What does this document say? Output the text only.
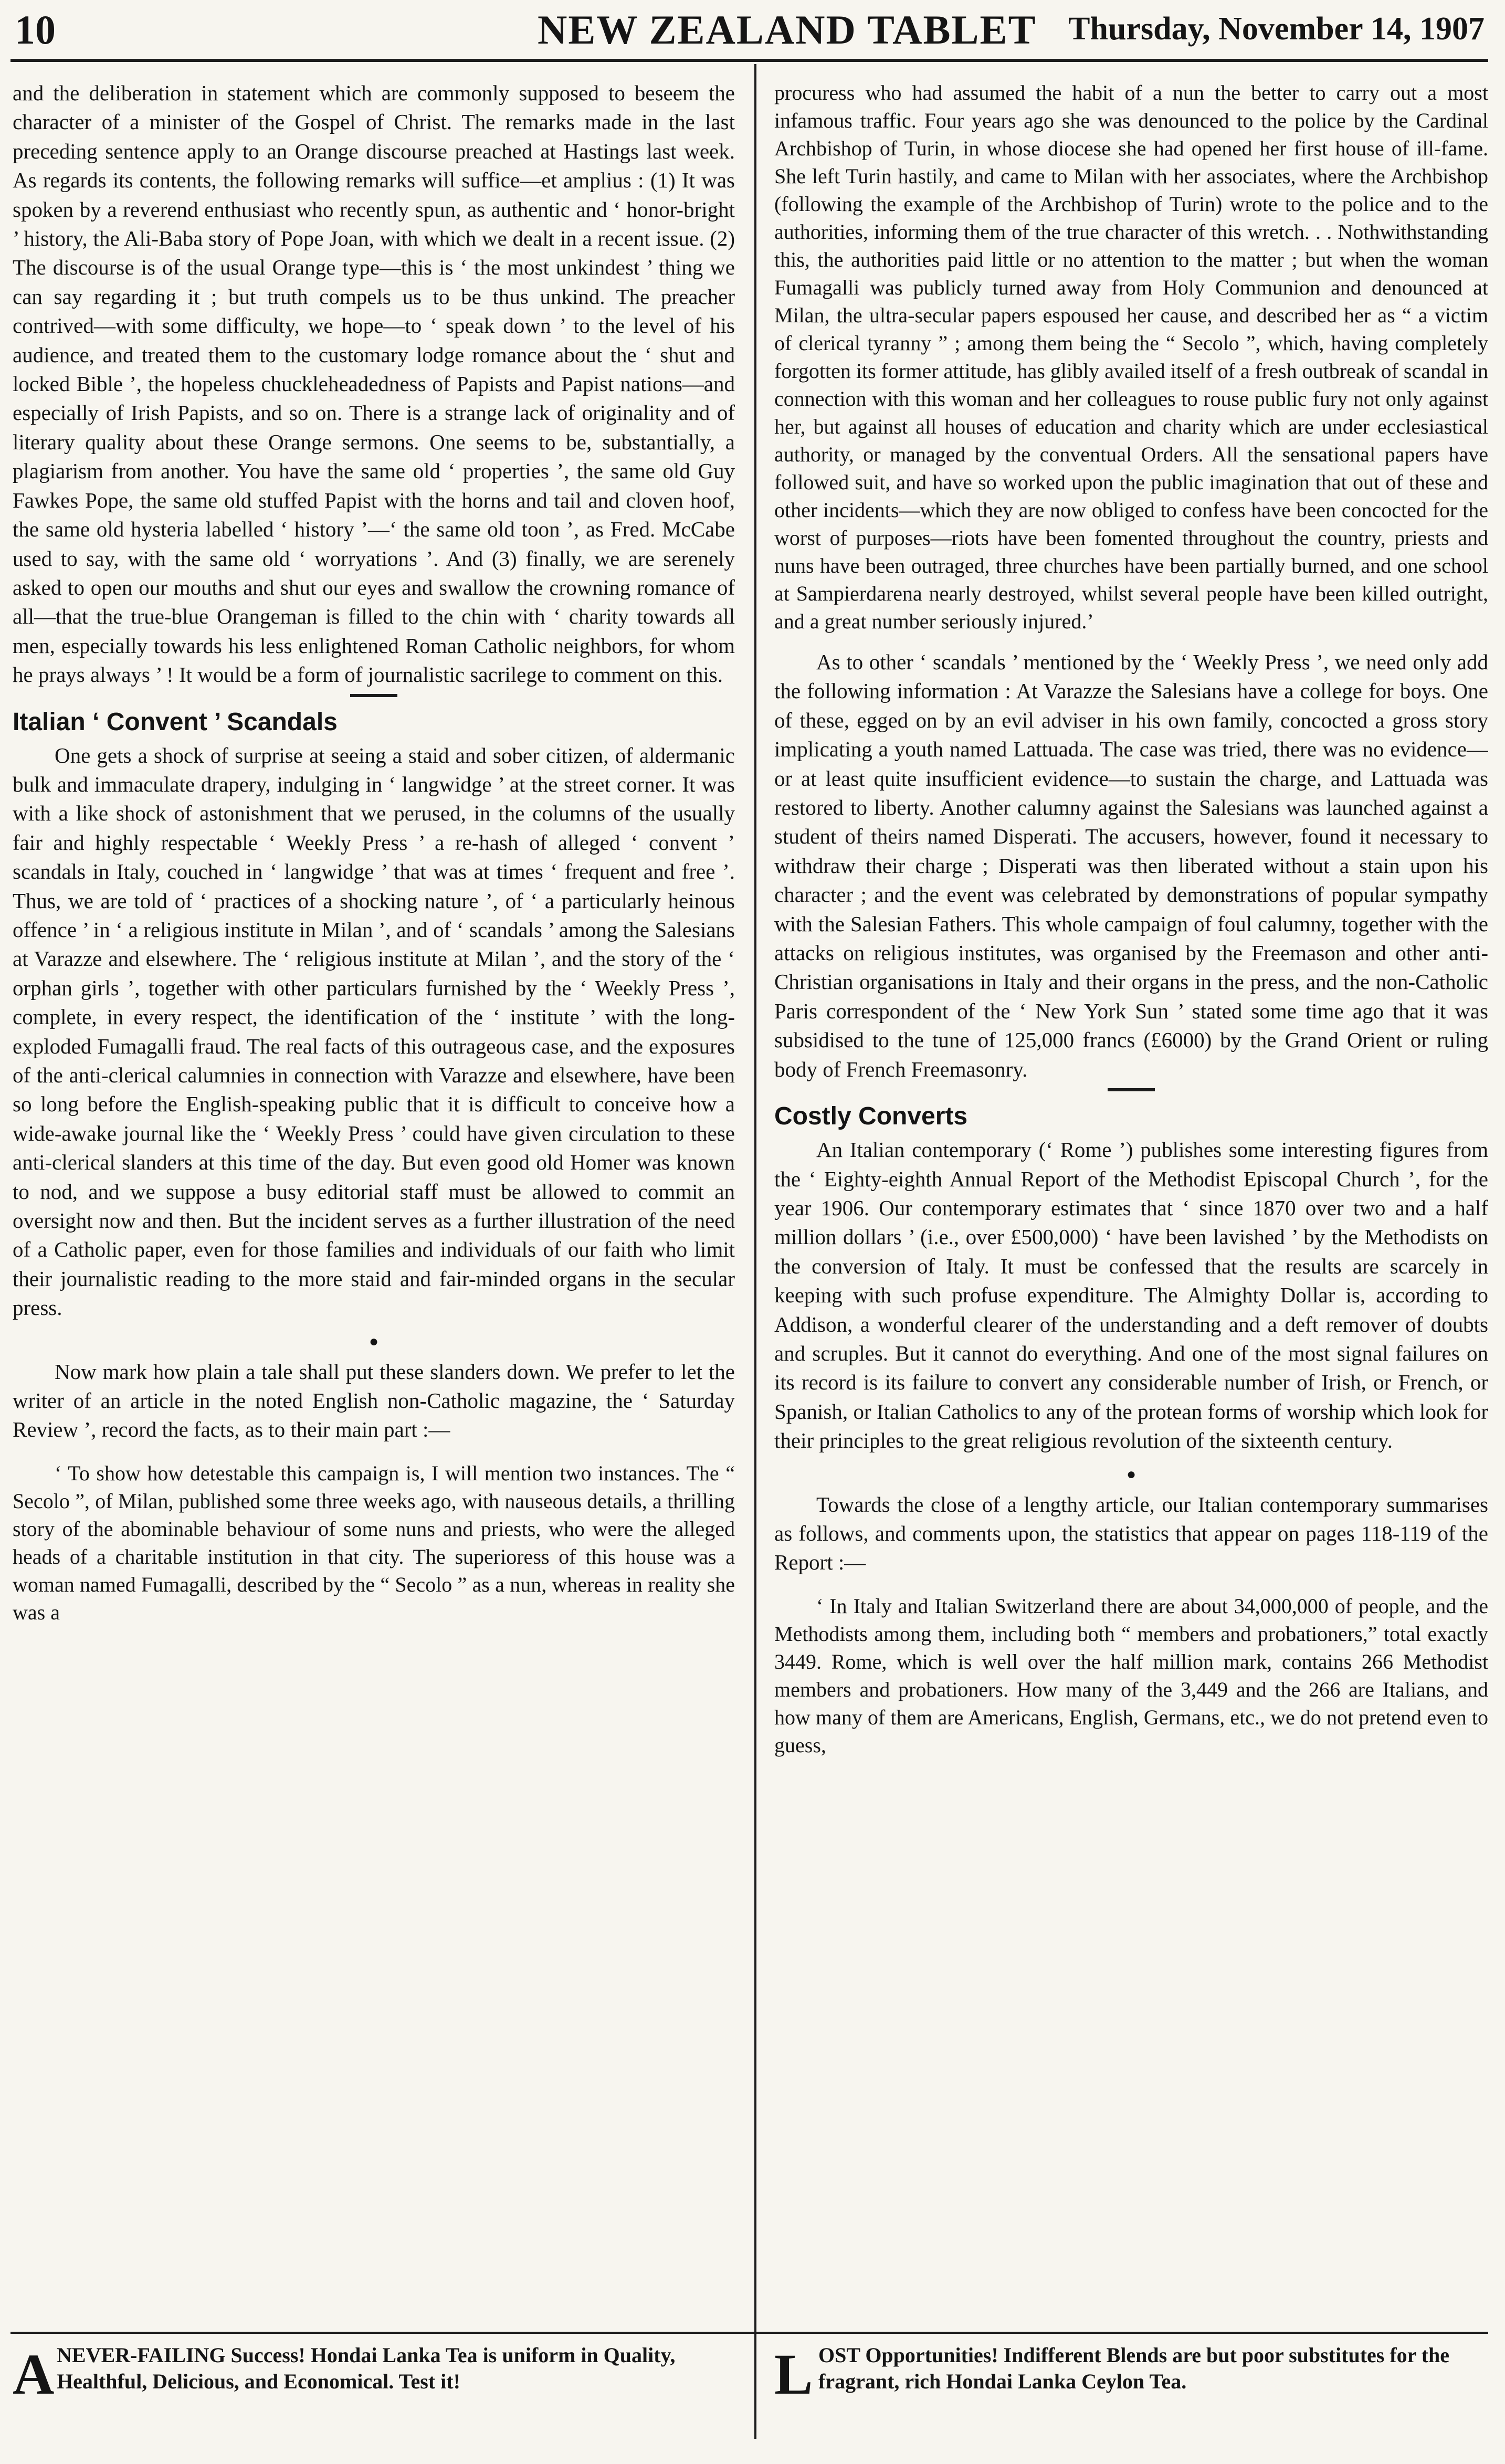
10	NEW ZEALAND TABLET Thursday, November 14, 1907

and the deliberation in statement which are commonly supposed to beseem the character of a minister of the Gospel of Christ. The remarks made in the last preceding sentence apply to an Orange discourse preached at Hastings last week. As regards its contents, the following remarks will suffice—et amplius : (1) It was spoken by a reverend enthusiast who recently spun, as authentic and ‘ honor-bright ’ history, the Ali-Baba story of Pope Joan, with which we dealt in a recent issue. (2) The discourse is of the usual Orange type—this is ‘ the most unkindest ’ thing we can say regarding it ; but truth compels us to be thus unkind. The preacher contrived—with some difficulty, we hope—to ‘ speak down ’ to the level of his audience, and treated them to the customary lodge romance about the ‘ shut and locked Bible ’, the hopeless chuckleheadedness of Papists and Papist nations—and especially of Irish Papists, and so on. There is a strange lack of originality and of literary quality about these Orange sermons. One seems to be, substantially, a plagiarism from another. You have the same old ‘ properties ’, the same old Guy Fawkes Pope, the same old stuffed Papist with the horns and tail and cloven hoof, the same old hysteria labelled ‘ history ’—‘ the same old toon ’, as Fred. McCabe used to say, with the same old ‘ worryations ’. And (3) finally, we are serenely asked to open our mouths and shut our eyes and swallow the crowning romance of all—that the true-blue Orangeman is filled to the chin with ‘ charity towards all men, especially towards his less enlightened Roman Catholic neighbors, for whom he prays always ’ ! It would be a form of journalistic sacrilege to comment on this.

Italian ‘ Convent ’ Scandals

One gets a shock of surprise at seeing a staid and sober citizen, of aldermanic bulk and immaculate drapery, indulging in ‘ langwidge ’ at the street corner. It was with a like shock of astonishment that we perused, in the columns of the usually fair and highly respectable ‘ Weekly Press ’ a re-hash of alleged ‘ convent ’ scandals in Italy, couched in ‘ langwidge ’ that was at times ‘ frequent and free ’. Thus, we are told of ‘ practices of a shocking nature ’, of ‘ a particularly heinous offence ’ in ‘ a religious institute in Milan ’, and of ‘ scandals ’ among the Salesians at Varazze and elsewhere. The ‘ religious institute at Milan ’, and the story of the ‘ orphan girls ’, together with other particulars furnished by the ‘ Weekly Press ’, complete, in every respect, the identification of the ‘ institute ’ with the long-exploded Fumagalli fraud. The real facts of this outrageous case, and the exposures of the anti-clerical calumnies in connection with Varazze and elsewhere, have been so long before the English-speaking public that it is difficult to conceive how a wide-awake journal like the ‘ Weekly Press ’ could have given circulation to these anti-clerical slanders at this time of the day. But even good old Homer was known to nod, and we suppose a busy editorial staff must be allowed to commit an oversight now and then. But the incident serves as a further illustration of the need of a Catholic paper, even for those families and individuals of our faith who limit their journalistic reading to the more staid and fair-minded organs in the secular press.

●

Now mark how plain a tale shall put these slanders down. We prefer to let the writer of an article in the noted English non-Catholic magazine, the ‘ Saturday Review ’, record the facts, as to their main part :—

‘ To show how detestable this campaign is, I will mention two instances. The “ Secolo ”, of Milan, published some three weeks ago, with nauseous details, a thrilling story of the abominable behaviour of some nuns and priests, who were the alleged heads of a charitable institution in that city. The superioress of this house was a woman named Fumagalli, described by the “ Secolo ” as a nun, whereas in reality she was a

procuress who had assumed the habit of a nun the better to carry out a most infamous traffic. Four years ago she was denounced to the police by the Cardinal Archbishop of Turin, in whose diocese she had opened her first house of ill-fame. She left Turin hastily, and came to Milan with her associates, where the Archbishop (following the example of the Archbishop of Turin) wrote to the police and to the authorities, informing them of the true character of this wretch. . . Nothwithstanding this, the authorities paid little or no attention to the matter ; but when the woman Fumagalli was publicly turned away from Holy Communion and denounced at Milan, the ultra-secular papers espoused her cause, and described her as “ a victim of clerical tyranny ” ; among them being the “ Secolo ”, which, having completely forgotten its former attitude, has glibly availed itself of a fresh outbreak of scandal in connection with this woman and her colleagues to rouse public fury not only against her, but against all houses of education and charity which are under ecclesiastical authority, or managed by the conventual Orders. All the sensational papers have followed suit, and have so worked upon the public imagination that out of these and other incidents—which they are now obliged to confess have been concocted for the worst of purposes—riots have been fomented throughout the country, priests and nuns have been outraged, three churches have been partially burned, and one school at Sampierdarena nearly destroyed, whilst several people have been killed outright, and a great number seriously injured.’

As to other ‘ scandals ’ mentioned by the ‘ Weekly Press ’, we need only add the following information : At Varazze the Salesians have a college for boys. One of these, egged on by an evil adviser in his own family, concocted a gross story implicating a youth named Lattuada. The case was tried, there was no evidence—or at least quite insufficient evidence—to sustain the charge, and Lattuada was restored to liberty. Another calumny against the Salesians was launched against a student of theirs named Disperati. The accusers, however, found it necessary to withdraw their charge ; Disperati was then liberated without a stain upon his character ; and the event was celebrated by demonstrations of popular sympathy with the Salesian Fathers. This whole campaign of foul calumny, together with the attacks on religious institutes, was organised by the Freemason and other anti-Christian organisations in Italy and their organs in the press, and the non-Catholic Paris correspondent of the ‘ New York Sun ’ stated some time ago that it was subsidised to the tune of 125,000 francs (£6000) by the Grand Orient or ruling body of French Freemasonry.

Costly Converts

An Italian contemporary (‘ Rome ’) publishes some interesting figures from the ‘ Eighty-eighth Annual Report of the Methodist Episcopal Church ’, for the year 1906. Our contemporary estimates that ‘ since 1870 over two and a half million dollars ’ (i.e., over £500,000) ‘ have been lavished ’ by the Methodists on the conversion of Italy. It must be confessed that the results are scarcely in keeping with such profuse expenditure. The Almighty Dollar is, according to Addison, a wonderful clearer of the understanding and a deft remover of doubts and scruples. But it cannot do everything. And one of the most signal failures on its record is its failure to convert any considerable number of Irish, or French, or Spanish, or Italian Catholics to any of the protean forms of worship which look for their principles to the great religious revolution of the sixteenth century.

●

Towards the close of a lengthy article, our Italian contemporary summarises as follows, and comments upon, the statistics that appear on pages 118-119 of the Report :—

‘ In Italy and Italian Switzerland there are about 34,000,000 of people, and the Methodists among them, including both “ members and probationers,” total exactly 3449. Rome, which is well over the half million mark, contains 266 Methodist members and probationers. How many of the 3,449 and the 266 are Italians, and how many of them are Americans, English, Germans, etc., we do not pretend even to guess,

A NEVER-FAILING Success! Hondai Lanka Tea is uniform in Quality, Healthful, Delicious, and Economical. Test it!	L OST Opportunities! Indifferent Blends are but poor substitutes for the fragrant, rich Hondai Lanka Ceylon Tea.
